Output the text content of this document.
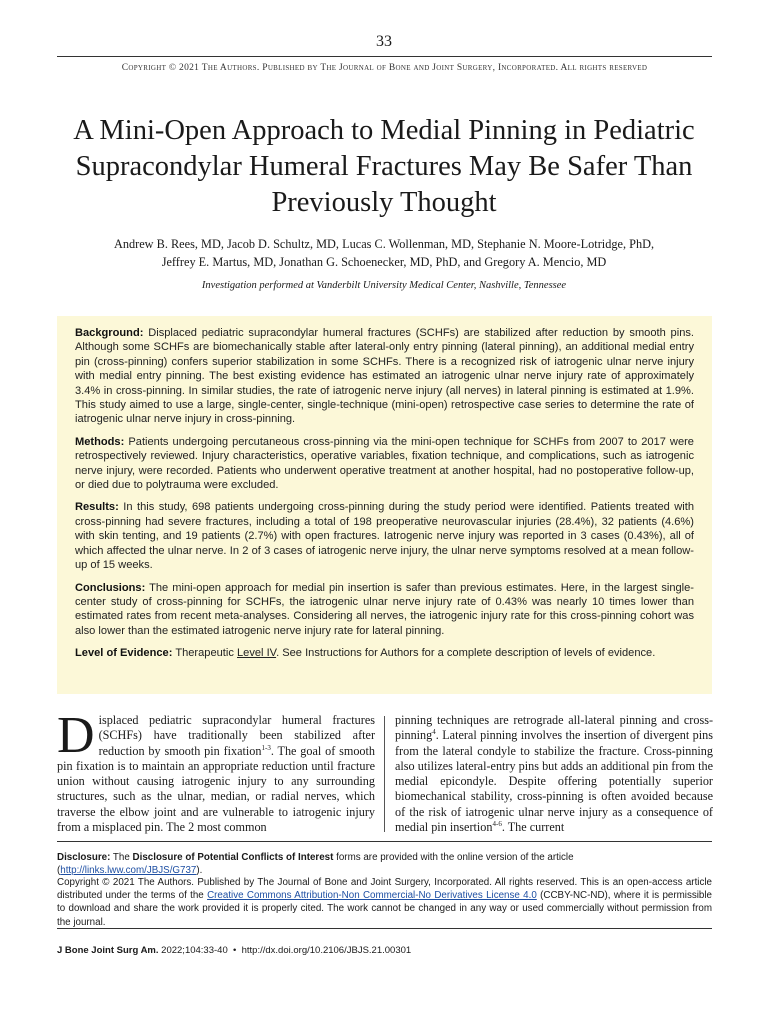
33
Copyright © 2021 The Authors. Published by The Journal of Bone and Joint Surgery, Incorporated. All rights reserved
A Mini-Open Approach to Medial Pinning in Pediatric Supracondylar Humeral Fractures May Be Safer Than Previously Thought
Andrew B. Rees, MD, Jacob D. Schultz, MD, Lucas C. Wollenman, MD, Stephanie N. Moore-Lotridge, PhD,
Jeffrey E. Martus, MD, Jonathan G. Schoenecker, MD, PhD, and Gregory A. Mencio, MD
Investigation performed at Vanderbilt University Medical Center, Nashville, Tennessee

Background: Displaced pediatric supracondylar humeral fractures (SCHFs) are stabilized after reduction by smooth pins. Although some SCHFs are biomechanically stable after lateral-only entry pinning (lateral pinning), an additional medial entry pin (cross-pinning) confers superior stabilization in some SCHFs. There is a recognized risk of iatrogenic ulnar nerve injury with medial entry pinning. The best existing evidence has estimated an iatrogenic ulnar nerve injury rate of approximately 3.4% in cross-pinning. In similar studies, the rate of iatrogenic nerve injury (all nerves) in lateral pinning is estimated at 1.9%. This study aimed to use a large, single-center, single-technique (mini-open) retrospective case series to determine the rate of iatrogenic ulnar nerve injury in cross-pinning.

Methods: Patients undergoing percutaneous cross-pinning via the mini-open technique for SCHFs from 2007 to 2017 were retrospectively reviewed. Injury characteristics, operative variables, fixation technique, and complications, such as iatrogenic nerve injury, were recorded. Patients who underwent operative treatment at another hospital, had no postoperative follow-up, or died due to polytrauma were excluded.

Results: In this study, 698 patients undergoing cross-pinning during the study period were identified. Patients treated with cross-pinning had severe fractures, including a total of 198 preoperative neurovascular injuries (28.4%), 32 patients (4.6%) with skin tenting, and 19 patients (2.7%) with open fractures. Iatrogenic nerve injury was reported in 3 cases (0.43%), all of which affected the ulnar nerve. In 2 of 3 cases of iatrogenic nerve injury, the ulnar nerve symptoms resolved at a mean follow-up of 15 weeks.

Conclusions: The mini-open approach for medial pin insertion is safer than previous estimates. Here, in the largest single-center study of cross-pinning for SCHFs, the iatrogenic ulnar nerve injury rate of 0.43% was nearly 10 times lower than estimated rates from recent meta-analyses. Considering all nerves, the iatrogenic injury rate for this cross-pinning cohort was also lower than the estimated iatrogenic nerve injury rate for lateral pinning.

Level of Evidence: Therapeutic Level IV. See Instructions for Authors for a complete description of levels of evidence.

Displaced pediatric supracondylar humeral fractures (SCHFs) have traditionally been stabilized after reduction by smooth pin fixation$^{1-3}$. The goal of smooth pin fixation is to maintain an appropriate reduction until fracture union without causing iatrogenic injury to any surrounding structures, such as the ulnar, median, or radial nerves, which traverse the elbow joint and are vulnerable to iatrogenic injury from a misplaced pin. The 2 most common
pinning techniques are retrograde all-lateral pinning and cross-pinning$^4$. Lateral pinning involves the insertion of divergent pins from the lateral condyle to stabilize the fracture. Cross-pinning also utilizes lateral-entry pins but adds an additional pin from the medial epicondyle. Despite offering potentially superior biomechanical stability, cross-pinning is often avoided because of the risk of iatrogenic ulnar nerve injury as a consequence of medial pin insertion$^{4-6}$. The current
Disclosure: The Disclosure of Potential Conflicts of Interest forms are provided with the online version of the article (http://links.lww.com/JBJS/G737).
Copyright © 2021 The Authors. Published by The Journal of Bone and Joint Surgery, Incorporated. All rights reserved. This is an open-access article distributed under the terms of the Creative Commons Attribution-Non Commercial-No Derivatives License 4.0 (CCBY-NC-ND), where it is permissible to download and share the work provided it is properly cited. The work cannot be changed in any way or used commercially without permission from the journal.
J Bone Joint Surg Am. 2022;104:33-40 • http://dx.doi.org/10.2106/JBJS.21.00301
